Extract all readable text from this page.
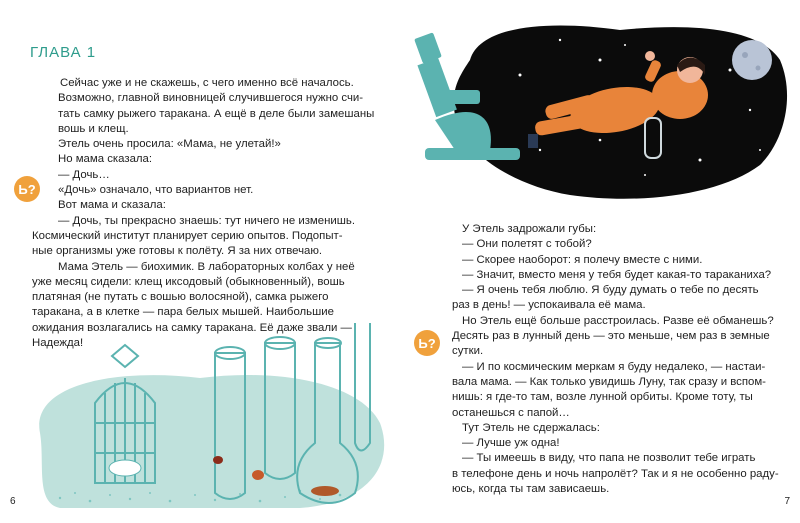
ГЛАВА 1
Ь?
Сейчас уже и не скажешь, с чего именно всё началось.
Возможно, главной виновницей случившегося нужно счи-
тать самку рыжего таракана. А ещё в деле были замешаны
вошь и клещ.
Этель очень просила: «Мама, не улетай!»
Но мама сказала:
— Дочь…
«Дочь» означало, что вариантов нет.
Вот мама и сказала:
— Дочь, ты прекрасно знаешь: тут ничего не изменишь.
Космический институт планирует серию опытов. Подопыт-
ные организмы уже готовы к полёту. Я за них отвечаю.
Мама Этель — биохимик. В лабораторных колбах у неё
уже месяц сидели: клещ иксодовый (обыкновенный), вошь
платяная (не путать с вошью волосяной), самка рыжего
таракана, а в клетке — пара белых мышей. Наибольшие
ожидания возлагались на самку таракана. Её даже звали —
Надежда!
6
Ь?
У Этель задрожали губы:
— Они полетят с тобой?
— Скорее наоборот: я полечу вместе с ними.
— Значит, вместо меня у тебя будет какая-то тараканиха?
— Я очень тебя люблю. Я буду думать о тебе по десять
раз в день! — успокаивала её мама.
Но Этель ещё больше расстроилась. Разве её обманешь?
Десять раз в лунный день — это меньше, чем раз в земные
сутки.
— И по космическим меркам я буду недалеко, — настаи-
вала мама. — Как только увидишь Луну, так сразу и вспом-
нишь: я где-то там, возле лунной орбиты. Кроме тоту, ты
останешься с папой…
Тут Этель не сдержалась:
— Лучше уж одна!
— Ты имеешь в виду, что папа не позволит тебе играть
в телефоне день и ночь напролёт? Так и я не особенно раду-
юсь, когда ты там зависаешь.
7
